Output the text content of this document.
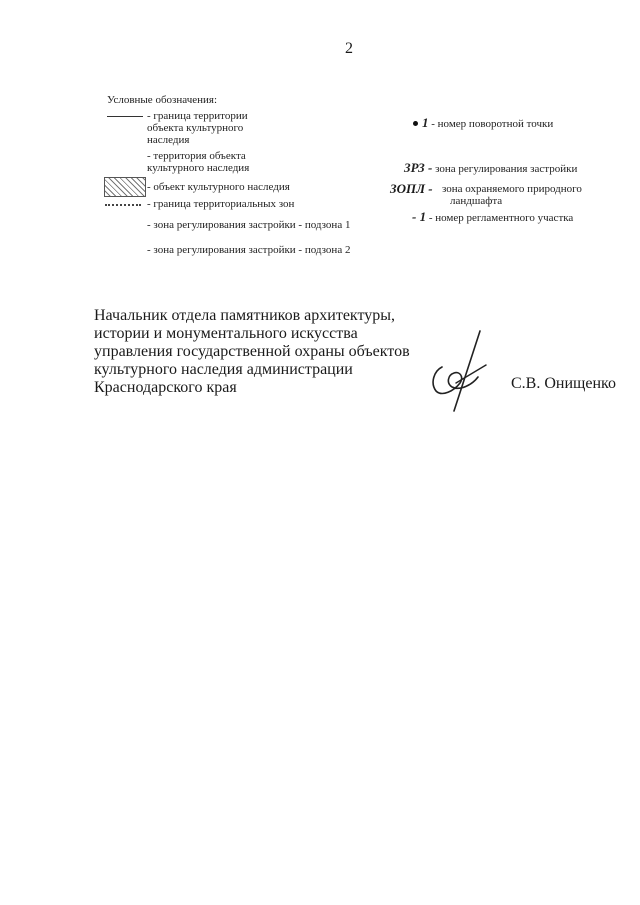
2
Условные обозначения:
- граница территории
объекта культурного
наследия
- территория объекта
культурного наследия
- объект культурного наследия
- граница территориальных зон
- зона регулирования застройки - подзона 1
- зона регулирования застройки - подзона 2
1 - номер поворотной точки
ЗРЗ - зона регулирования застройки
ЗОПЛ - зона охраняемого природного
ландшафта
- 1 - номер регламентного участка
Начальник отдела памятников архитектуры,
истории и монументального искусства
управления государственной охраны объектов
культурного наследия администрации
Краснодарского края	С.В. Онищенко
